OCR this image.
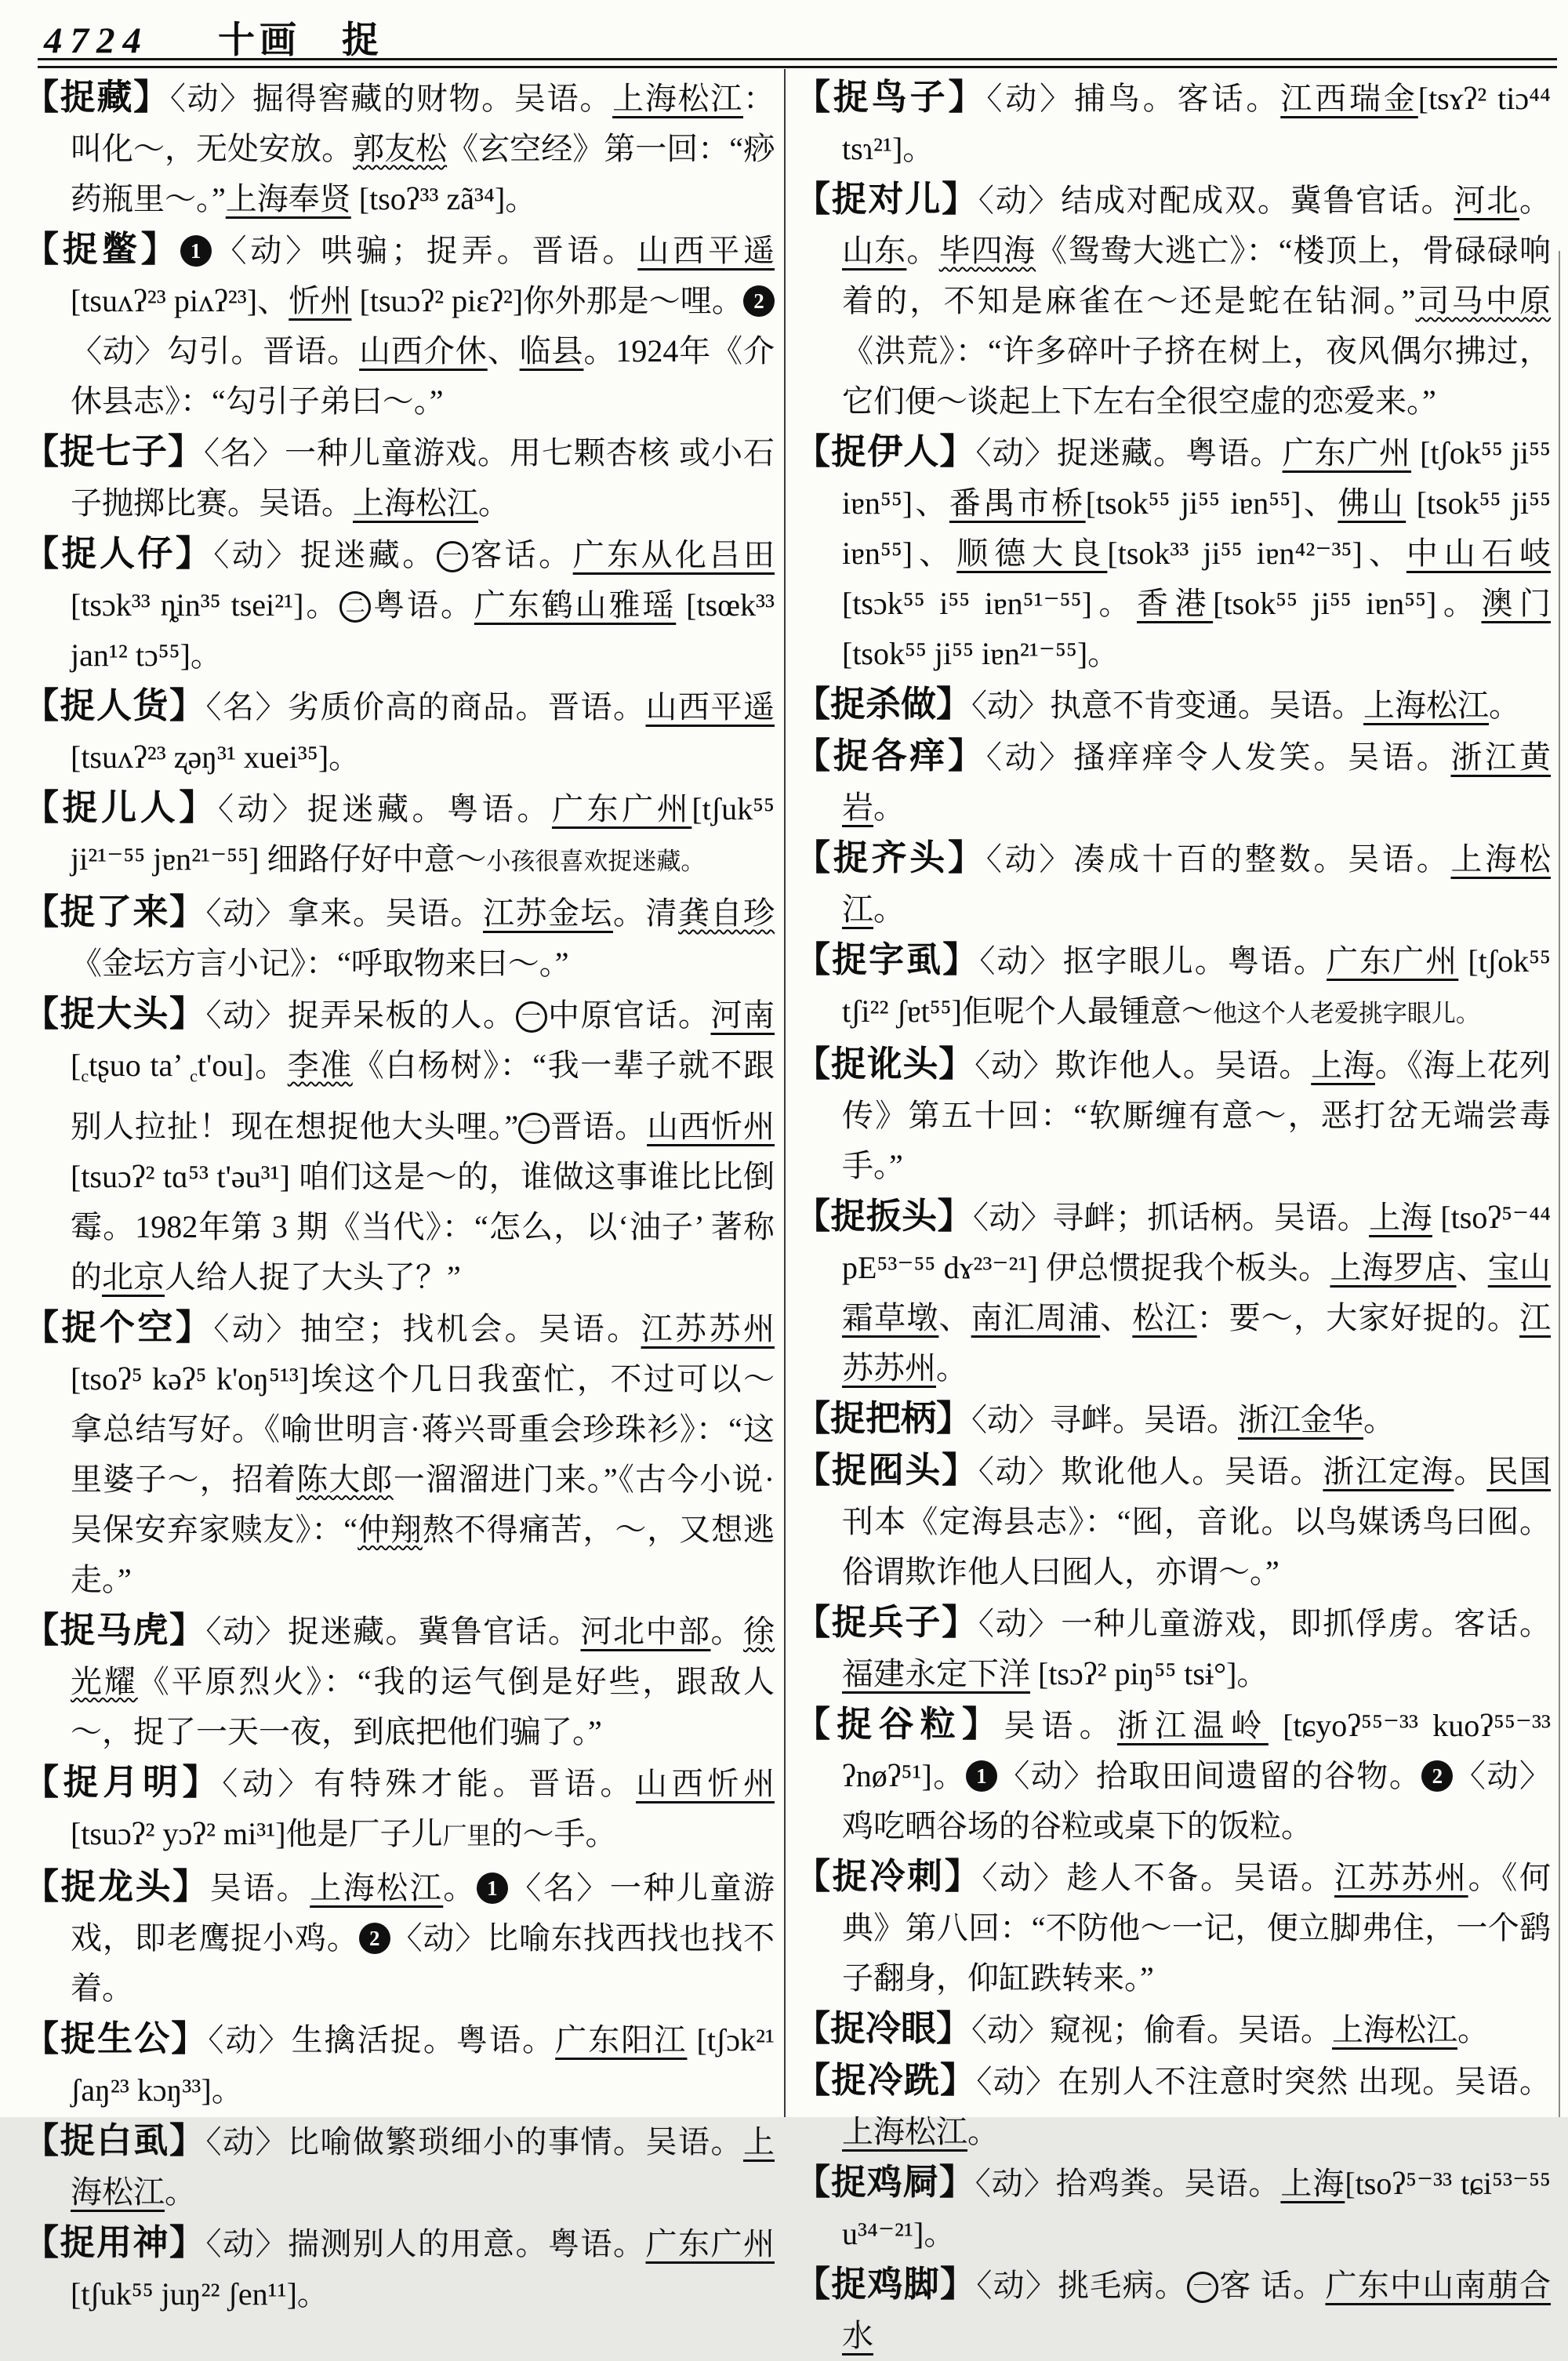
4724 十画 捉

【捉藏】〈动〉掘得窖藏的财物。吴语。上海松江：叫化～，无处安放。郭友松《玄空经》第一回：“痧药瓶里～。”上海奉贤 [tsoʔ³³ zã³⁴]。

【捉鳖】 1 〈动〉哄骗；捉弄。晋语。山西平遥 [tsuʌʔ²³ piʌʔ²³]、忻州 [tsuɔʔ² piɛʔ²]你外那是～哩。 2〈动〉勾引。晋语。山西介休、临县。1924年《介休县志》：“勾引子弟曰～。”

【捉七子】〈名〉一种儿童游戏。用七颗杏核 或小石子抛掷比赛。吴语。上海松江。

【捉人仔】〈动〉捉迷藏。 一 客话。广东从化吕田[tsɔk³³ ȵin³⁵ tsei²¹]。 二 粤语。广东鹤山雅瑶 [tsœk³³ jan¹² tɔ⁵⁵]。

【捉人货】〈名〉劣质价高的商品。晋语。山西平遥 [tsuʌʔ²³ ʐəŋ³¹ xuei³⁵]。

【捉儿人】〈动〉捉迷藏。粤语。广东广州[tʃuk⁵⁵ ji²¹⁻⁵⁵ jɐn²¹⁻⁵⁵] 细路仔好中意～小孩很喜欢捉迷藏。

【捉了来】〈动〉拿来。吴语。江苏金坛。清龚自珍《金坛方言小记》：“呼取物来曰～。”

【捉大头】〈动〉捉弄呆板的人。 一 中原官话。河南 [ctʂuo ta’ ct'ou]。李准《白杨树》：“我一辈子就不跟别人拉扯！现在想捉他大头哩。” 二 晋语。山西忻州[tsuɔʔ² tɑ⁵³ t'əu³¹] 咱们这是～的，谁做这事谁比比倒霉。1982年第 3 期《当代》：“怎么，以‘油子’ 著称的北京人给人捉了大头了？”

【捉个空】〈动〉抽空；找机会。吴语。江苏苏州 [tsoʔ⁵ kəʔ⁵ k'oŋ⁵¹³]埃这个几日我蛮忙，不过可以～拿总结写好。《喻世明言·蒋兴哥重会珍珠衫》：“这里婆子～，招着陈大郎一溜溜进门来。”《古今小说·吴保安弃家赎友》：“仲翔熬不得痛苦，～，又想逃走。”

【捉马虎】〈动〉捉迷藏。冀鲁官话。河北中部。徐光耀《平原烈火》：“我的运气倒是好些，跟敌人～，捉了一天一夜，到底把他们骗了。”

【捉月明】〈动〉有特殊才能。晋语。山西忻州 [tsuɔʔ² yɔʔ² mi³¹]他是厂子儿厂里的～手。

【捉龙头】吴语。上海松江。 1 〈名〉一种儿童游戏，即老鹰捉小鸡。 2 〈动〉比喻东找西找也找不着。

【捉生公】〈动〉生擒活捉。粤语。广东阳江 [tʃɔk²¹ ʃaŋ²³ kɔŋ³³]。

【捉白虱】〈动〉比喻做繁琐细小的事情。吴语。上海松江。

【捉用神】〈动〉揣测别人的用意。粤语。广东广州 [tʃuk⁵⁵ juŋ²² ʃen¹¹]。

【捉鸟子】〈动〉捕鸟。客话。江西瑞金[tsɤʔ² tiɔ⁴⁴ tsɿ²¹]。

【捉对儿】〈动〉结成对配成双。冀鲁官话。河北。山东。毕四海《鸳鸯大逃亡》：“楼顶上，骨碌碌响着的，不知是麻雀在～还是蛇在钻洞。”司马中原《洪荒》：“许多碎叶子挤在树上，夜风偶尔拂过，它们便～谈起上下左右全很空虚的恋爱来。”

【捉伊人】〈动〉捉迷藏。粤语。广东广州 [tʃok⁵⁵ ji⁵⁵ iɐn⁵⁵]、番禺市桥[tsok⁵⁵ ji⁵⁵ iɐn⁵⁵]、佛山 [tsok⁵⁵ ji⁵⁵ iɐn⁵⁵]、顺德大良[tsok³³ ji⁵⁵ iɐn⁴²⁻³⁵]、中山石岐[tsɔk⁵⁵ i⁵⁵ iɐn⁵¹⁻⁵⁵]。香港[tsok⁵⁵ ji⁵⁵ iɐn⁵⁵]。澳门 [tsok⁵⁵ ji⁵⁵ iɐn²¹⁻⁵⁵]。

【捉杀做】〈动〉执意不肯变通。吴语。上海松江。

【捉各痒】〈动〉搔痒痒令人发笑。吴语。浙江黄岩。

【捉齐头】〈动〉凑成十百的整数。吴语。上海松江。

【捉字虱】〈动〉抠字眼儿。粤语。广东广州 [tʃok⁵⁵ tʃi²² ʃɐt⁵⁵]佢呢个人最锺意～他这个人老爱挑字眼儿。

【捉讹头】〈动〉欺诈他人。吴语。上海。《海上花列传》第五十回：“软厮缠有意～，恶打岔无端尝毒手。”

【捉扳头】〈动〉寻衅；抓话柄。吴语。上海 [tsoʔ⁵⁻⁴⁴ pE⁵³⁻⁵⁵ dɤ²³⁻²¹] 伊总惯捉我个板头。上海罗店、宝山霜草墩、南汇周浦、松江：要～，大家好捉的。江苏苏州。

【捉把柄】〈动〉寻衅。吴语。浙江金华。

【捉囮头】〈动〉欺讹他人。吴语。浙江定海。民国刊本《定海县志》：“囮，音讹。以鸟媒诱鸟曰囮。俗谓欺诈他人曰囮人，亦谓～。”

【捉兵子】〈动〉一种儿童游戏，即抓俘虏。客话。福建永定下洋 [tsɔʔ² piŋ⁵⁵ tsɨ°]。

【捉谷粒】吴语。浙江温岭 [tɕyoʔ⁵⁵⁻³³ kuoʔ⁵⁵⁻³³ ʔnøʔ⁵¹]。 1 〈动〉拾取田间遗留的谷物。 2 〈动〉鸡吃晒谷场的谷粒或桌下的饭粒。

【捉冷刺】〈动〉趁人不备。吴语。江苏苏州。《何典》第八回：“不防他～一记，便立脚弗住，一个鹞子翻身，仰缸跌转来。”

【捉冷眼】〈动〉窥视；偷看。吴语。上海松江。

【捉冷跣】〈动〉在别人不注意时突然 出现。吴语。上海松江。

【捉鸡屙】〈动〉拾鸡粪。吴语。上海[tsoʔ⁵⁻³³ tɕi⁵³⁻⁵⁵ u³⁴⁻²¹]。

【捉鸡脚】〈动〉挑毛病。 一 客 话。广东中山南萠合水
